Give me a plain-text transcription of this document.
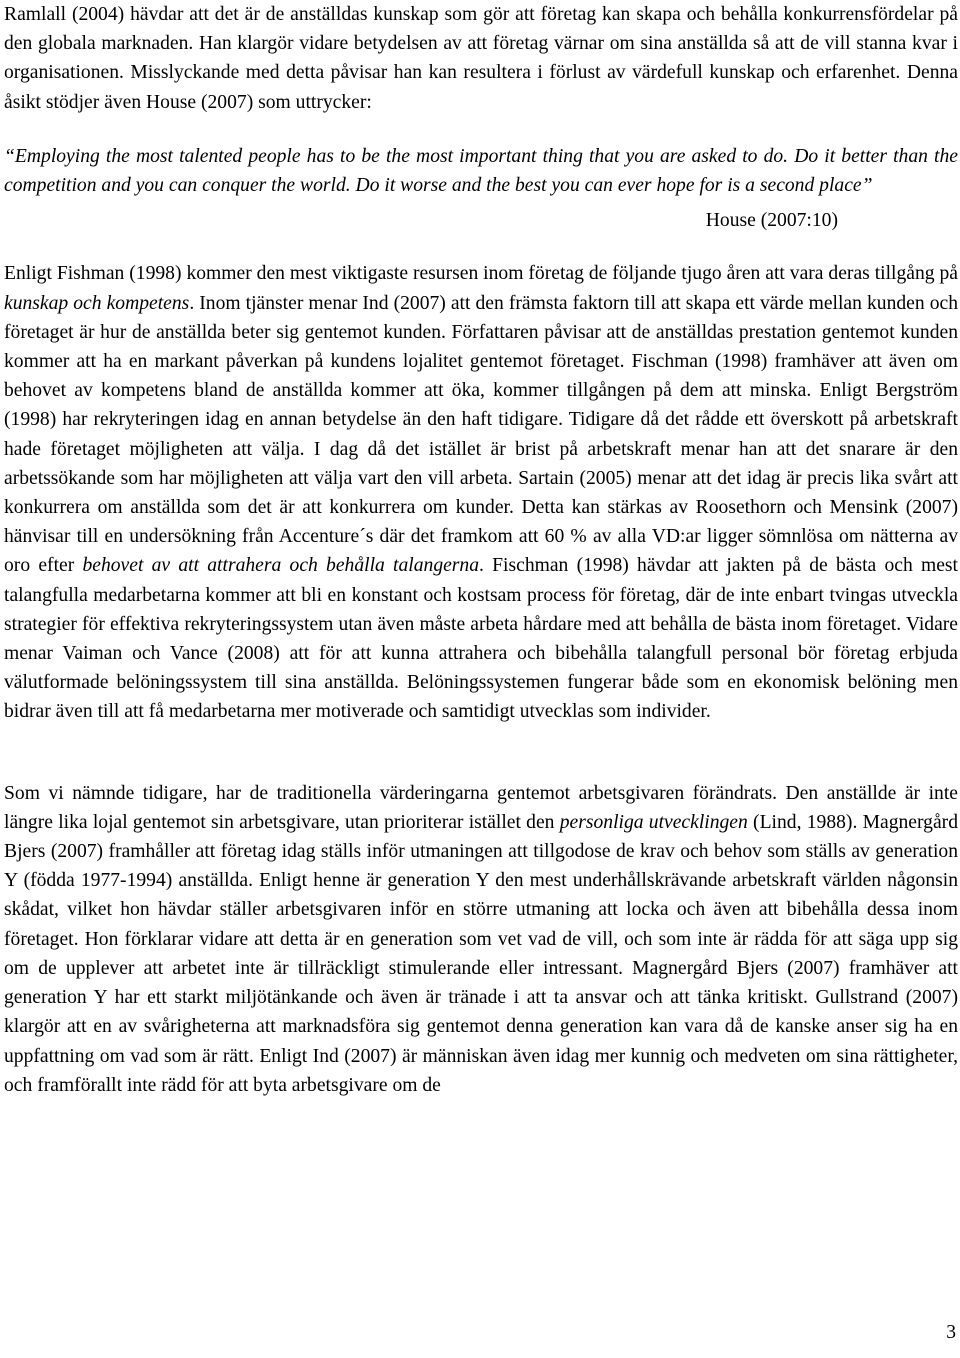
Ramlall (2004) hävdar att det är de anställdas kunskap som gör att företag kan skapa och behålla konkurrensfördelar på den globala marknaden. Han klargör vidare betydelsen av att företag värnar om sina anställda så att de vill stanna kvar i organisationen. Misslyckande med detta påvisar han kan resultera i förlust av värdefull kunskap och erfarenhet. Denna åsikt stödjer även House (2007) som uttrycker:

“Employing the most talented people has to be the most important thing that you are asked to do. Do it better than the competition and you can conquer the world. Do it worse and the best you can ever hope for is a second place”

House (2007:10)

Enligt Fishman (1998) kommer den mest viktigaste resursen inom företag de följande tjugo åren att vara deras tillgång på kunskap och kompetens. Inom tjänster menar Ind (2007) att den främsta faktorn till att skapa ett värde mellan kunden och företaget är hur de anställda beter sig gentemot kunden. Författaren påvisar att de anställdas prestation gentemot kunden kommer att ha en markant påverkan på kundens lojalitet gentemot företaget. Fischman (1998) framhäver att även om behovet av kompetens bland de anställda kommer att öka, kommer tillgången på dem att minska. Enligt Bergström (1998) har rekryteringen idag en annan betydelse än den haft tidigare. Tidigare då det rådde ett överskott på arbetskraft hade företaget möjligheten att välja. I dag då det istället är brist på arbetskraft menar han att det snarare är den arbetssökande som har möjligheten att välja vart den vill arbeta. Sartain (2005) menar att det idag är precis lika svårt att konkurrera om anställda som det är att konkurrera om kunder. Detta kan stärkas av Roosethorn och Mensink (2007) hänvisar till en undersökning från Accenture´s där det framkom att 60 % av alla VD:ar ligger sömnlösa om nätterna av oro efter behovet av att attrahera och behålla talangerna. Fischman (1998) hävdar att jakten på de bästa och mest talangfulla medarbetarna kommer att bli en konstant och kostsam process för företag, där de inte enbart tvingas utveckla strategier för effektiva rekryteringssystem utan även måste arbeta hårdare med att behålla de bästa inom företaget. Vidare menar Vaiman och Vance (2008) att för att kunna attrahera och bibehålla talangfull personal bör företag erbjuda välutformade belöningssystem till sina anställda. Belöningssystemen fungerar både som en ekonomisk belöning men bidrar även till att få medarbetarna mer motiverade och samtidigt utvecklas som individer.

Som vi nämnde tidigare, har de traditionella värderingarna gentemot arbetsgivaren förändrats. Den anställde är inte längre lika lojal gentemot sin arbetsgivare, utan prioriterar istället den personliga utvecklingen (Lind, 1988). Magnergård Bjers (2007) framhåller att företag idag ställs inför utmaningen att tillgodose de krav och behov som ställs av generation Y (födda 1977-1994) anställda. Enligt henne är generation Y den mest underhållskrävande arbetskraft världen någonsin skådat, vilket hon hävdar ställer arbetsgivaren inför en större utmaning att locka och även att bibehålla dessa inom företaget. Hon förklarar vidare att detta är en generation som vet vad de vill, och som inte är rädda för att säga upp sig om de upplever att arbetet inte är tillräckligt stimulerande eller intressant. Magnergård Bjers (2007) framhäver att generation Y har ett starkt miljötänkande och även är tränade i att ta ansvar och att tänka kritiskt. Gullstrand (2007) klargör att en av svårigheterna att marknadsföra sig gentemot denna generation kan vara då de kanske anser sig ha en uppfattning om vad som är rätt. Enligt Ind (2007) är människan även idag mer kunnig och medveten om sina rättigheter, och framförallt inte rädd för att byta arbetsgivare om de

3
